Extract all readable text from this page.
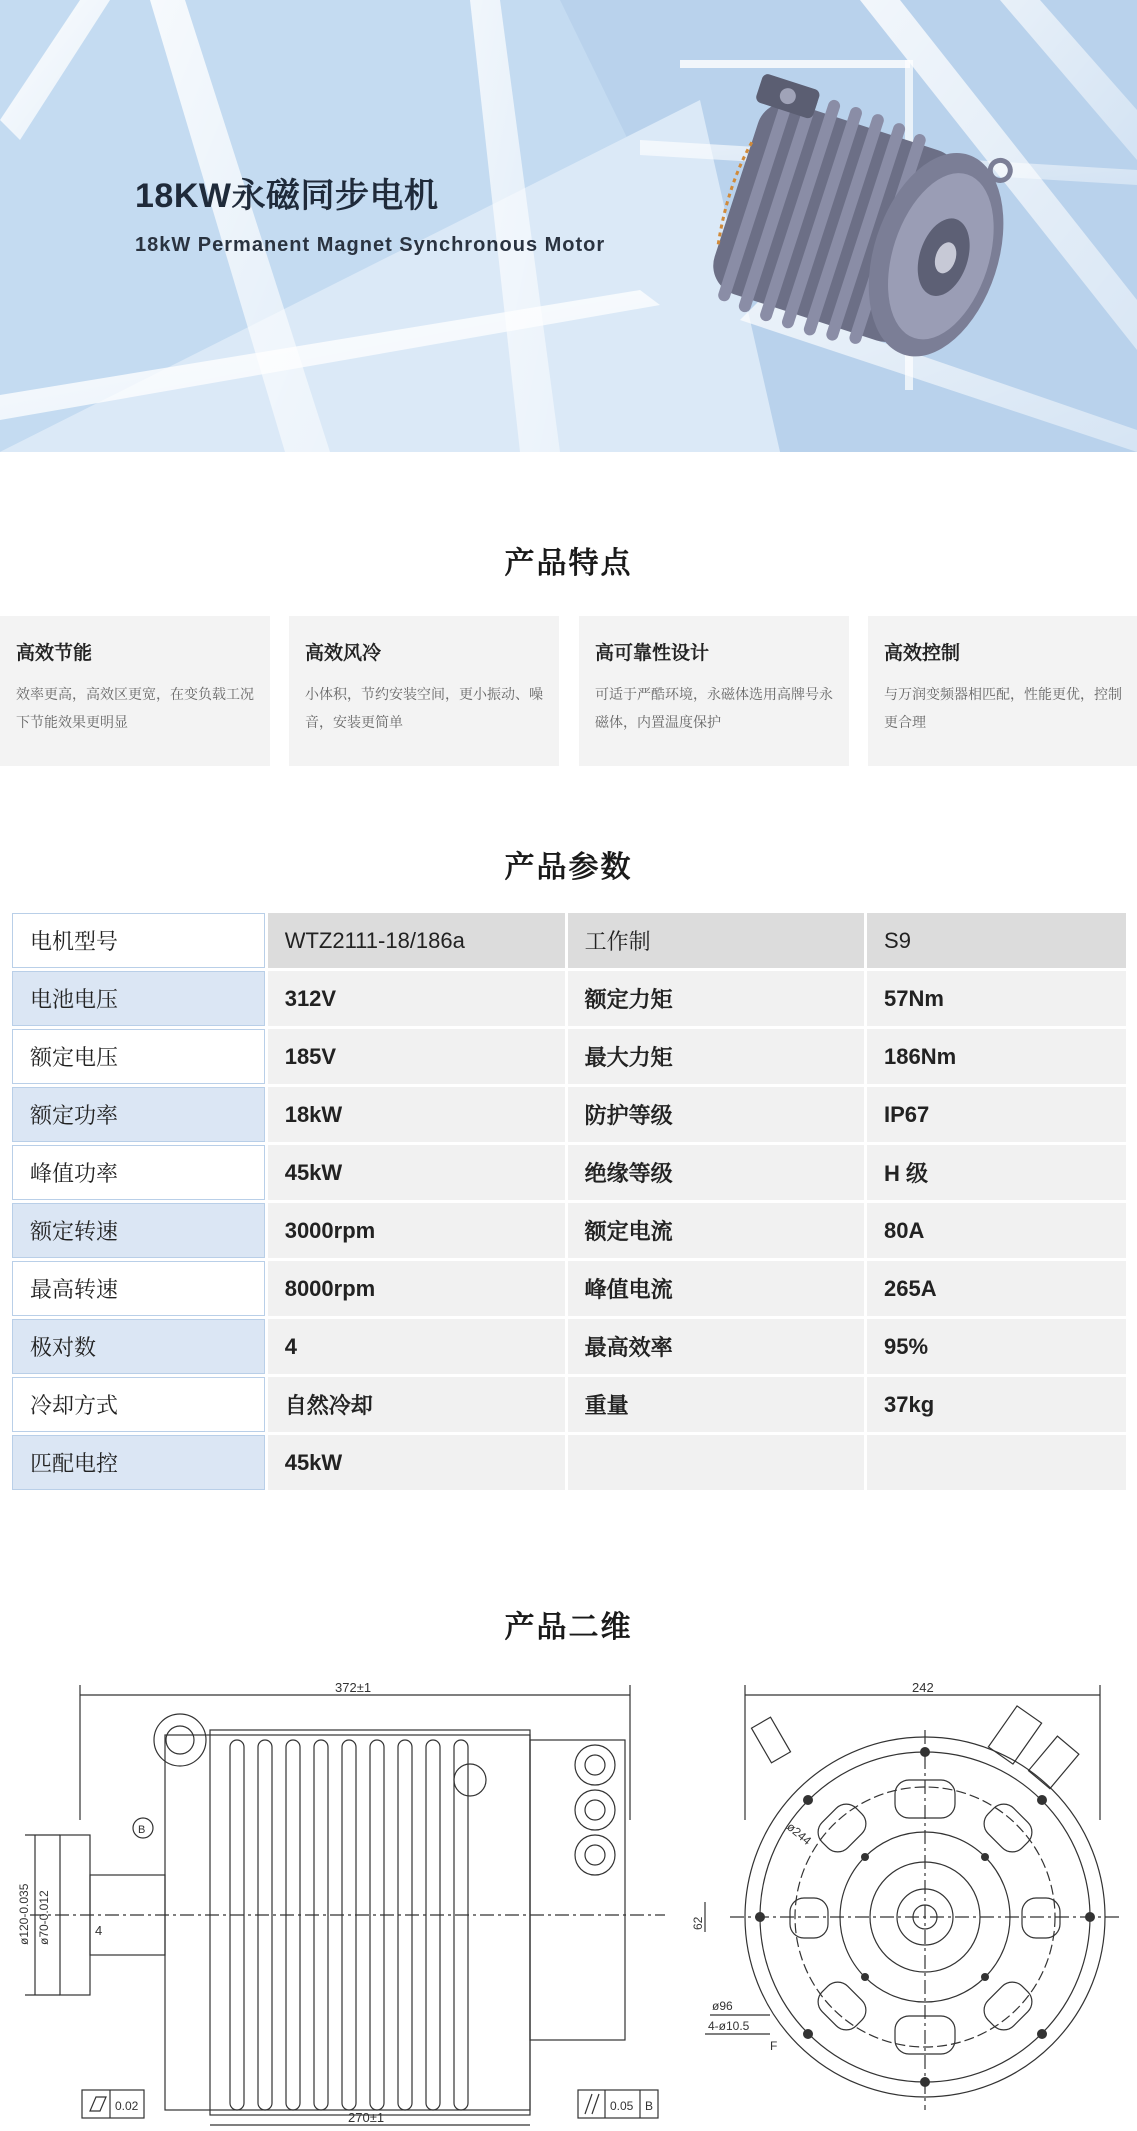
18KW永磁同步电机
18kW Permanent Magnet Synchronous Motor
产品特点
高效节能
效率更高，高效区更宽，在变负载工况下节能效果更明显
高效风冷
小体积，节约安装空间，更小振动、噪音，安装更简单
高可靠性设计
可适于严酷环境，永磁体选用高牌号永磁体，内置温度保护
高效控制
与万润变频器相匹配，性能更优，控制更合理
产品参数
电机型号	WTZ2111-18/186a	工作制	S9
电池电压	312V	额定力矩	57Nm
额定电压	185V	最大力矩	186Nm
额定功率	18kW	防护等级	IP67
峰值功率	45kW	绝缘等级	H 级
额定转速	3000rpm	额定电流	80A
最高转速	8000rpm	峰值电流	265A
极对数	4	最高效率	95%
冷却方式	自然冷却	重量	37kg
匹配电控	45kW		
产品二维
372±1
ø120-0.035 ø70-0.012	4
B
270±1
0.02	0.05 B
242
62
ø244
ø96
4-ø10.5
F
